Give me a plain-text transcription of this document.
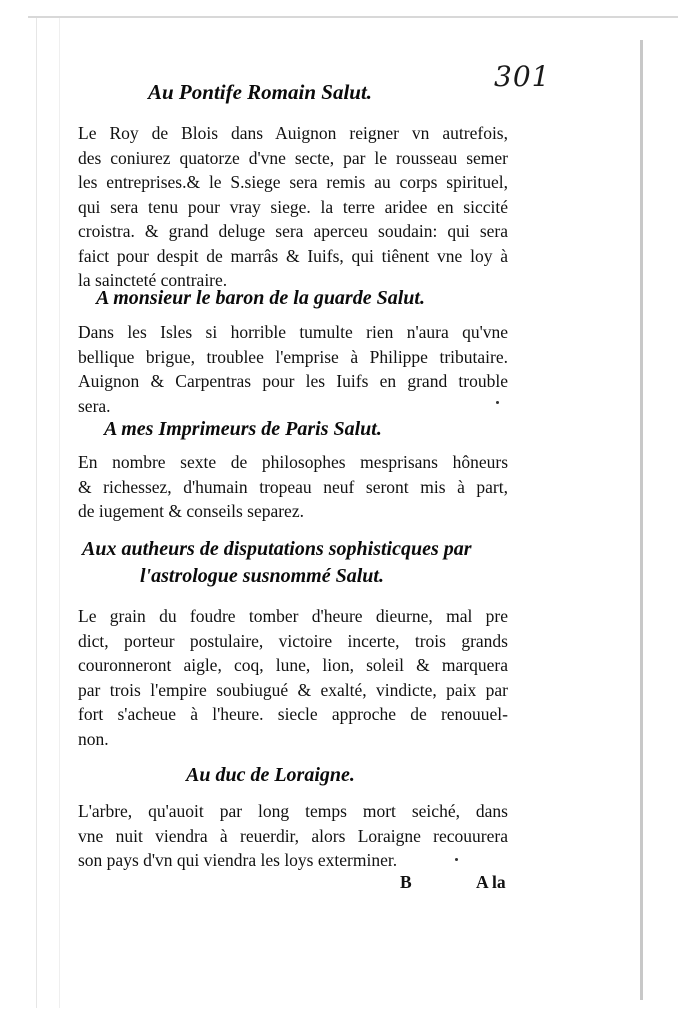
301
Au Pontife Romain Salut.
Le Roy de Blois dans Auignon reigner vn autrefois,
des coniurez quatorze d'vne secte, par le rousseau semer
les entreprises.& le S.siege sera remis au corps spirituel,
qui sera tenu pour vray siege. la terre aridee en siccité
croistra. & grand deluge sera aperceu soudain: qui sera
faict pour despit de marrâs & Iuifs, qui tiênent vne loy à
la saincteté contraire.
A monsieur le baron de la guarde Salut.
Dans les Isles si horrible tumulte rien n'aura qu'vne
bellique brigue, troublee l'emprise à Philippe tributaire.
Auignon & Carpentras pour les Iuifs en grand trouble
sera.
A mes Imprimeurs de Paris Salut.
En nombre sexte de philosophes mesprisans hôneurs
& richessez, d'humain tropeau neuf seront mis à part,
de iugement & conseils separez.
Aux autheurs de disputations sophisticques par
l'astrologue susnommé Salut.
Le grain du foudre tomber d'heure dieurne, mal pre
dict, porteur postulaire, victoire incerte, trois grands
couronneront aigle, coq, lune, lion, soleil & marquera
par trois l'empire soubiugué & exalté, vindicte, paix par
fort s'acheue à l'heure. siecle approche de renouuel-
non.
Au duc de Loraigne.
L'arbre, qu'auoit par long temps mort seiché, dans
vne nuit viendra à reuerdir, alors Loraigne recouurera
son pays d'vn qui viendra les loys exterminer.
B	A la
